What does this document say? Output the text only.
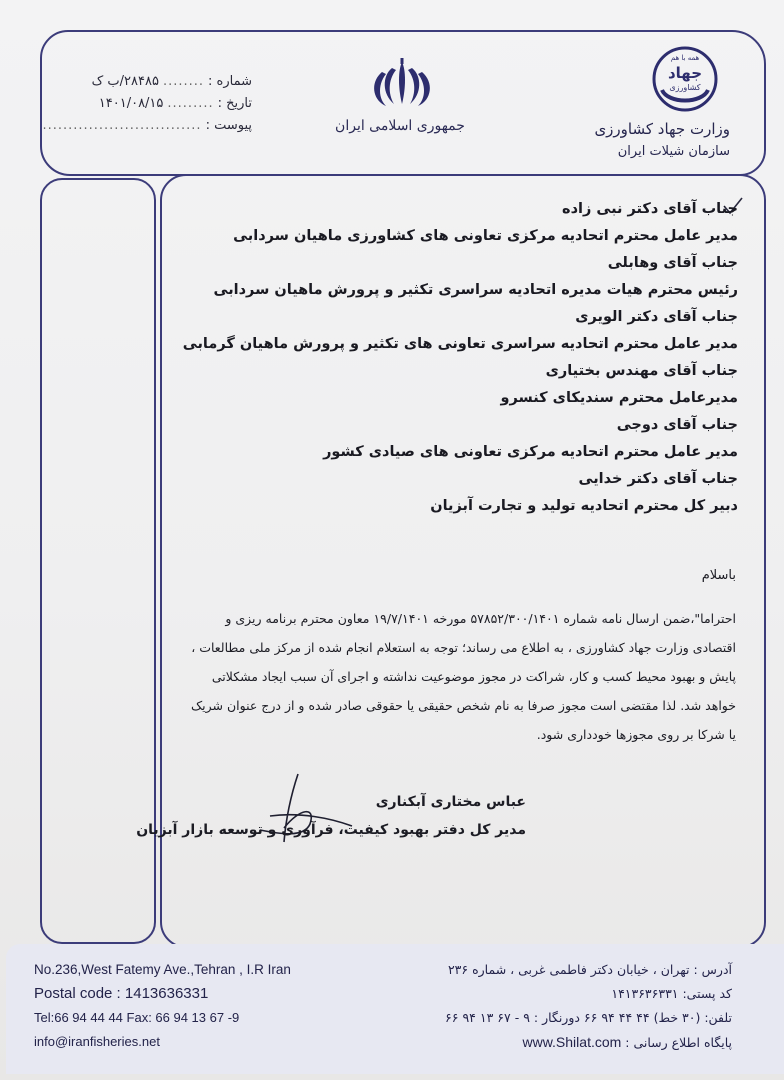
شماره :
........
۲۸۴۸۵/ب ک
تاریخ :
.........
۱۴۰۱/۰۸/۱۵
پیوست :
...............................	جمهوری اسلامی ایران
همه با هم
جهاد
کشاورزی
وزارت جهاد کشاورزی
سازمان شیلات ایران
جناب آقای دکتر نبی زاده
مدیر عامل محترم اتحادیه مرکزی تعاونی های کشاورزی ماهیان سردابی
جناب آقای وهابلی
رئیس محترم هیات مدیره اتحادیه سراسری تکثیر و پرورش ماهیان سردابی
جناب آقای دکتر الویری
مدیر عامل محترم اتحادیه سراسری تعاونی های تکثیر و پرورش ماهیان گرمابی
جناب آقای مهندس بختیاری
مدیرعامل محترم سندیکای کنسرو
جناب آقای دوجی
مدیر عامل محترم اتحادیه مرکزی تعاونی های صیادی کشور
جناب آقای دکتر خدایی
دبیر کل محترم اتحادیه تولید و تجارت آبزیان
باسلام
احتراما"،ضمن ارسال نامه شماره ۵۷۸۵۲/۳۰۰/۱۴۰۱ مورخه ۱۹/۷/۱۴۰۱ معاون محترم برنامه ریزی و
اقتصادی وزارت جهاد کشاورزی ، به اطلاع می رساند؛ توجه به استعلام انجام شده از مرکز ملی مطالعات ،
پایش و بهبود محیط کسب و کار، شراکت در مجوز موضوعیت نداشته و اجرای آن سبب ایجاد مشکلاتی
خواهد شد. لذا مقتضی است مجوز صرفا به نام شخص حقیقی یا حقوقی صادر شده و از درج عنوان شریک
یا شرکا بر روی مجوزها خودداری شود.
عباس مختاری آبکناری
مدیر کل دفتر بهبود کیفیت، فرآوری و توسعه بازار آبزیان
No.236,West Fatemy Ave.,Tehran , I.R Iran
Postal code : 1413636331
Tel:66 94 44 44 Fax: 66 94 13 67 -9
info@iranfisheries.net
آدرس : تهران ، خیابان دکتر فاطمی غربی ، شماره ۲۳۶
کد پستی: ۱۴۱۳۶۳۶۳۳۱
تلفن: (۳۰ خط) ۴۴ ۴۴ ۹۴ ۶۶ دورنگار : ۹ - ۶۷ ۱۳ ۹۴ ۶۶
پایگاه اطلاع رسانی : www.Shilat.com
